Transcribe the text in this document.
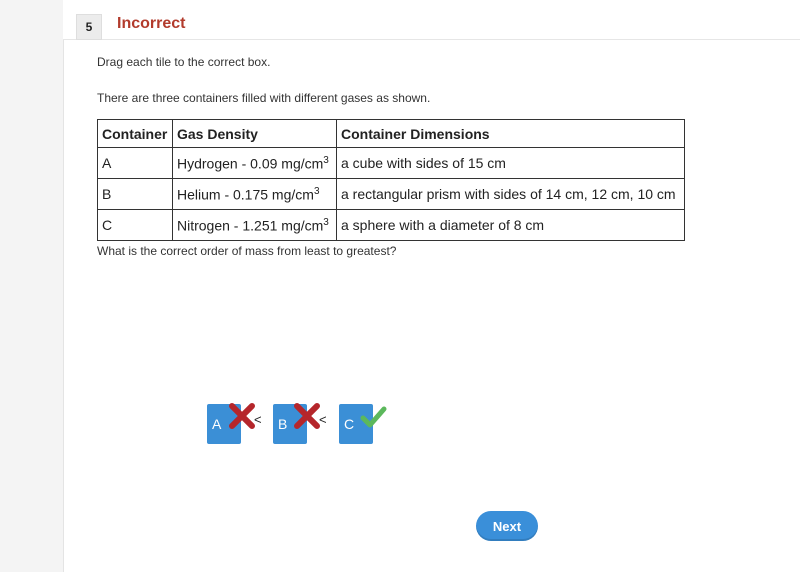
5	Incorrect
Drag each tile to the correct box.
There are three containers filled with different gases as shown.
Container	Gas Density	Container Dimensions
A	Hydrogen - 0.09 $mg/cm^3$	a cube with sides of 15 cm
B	Helium - 0.175 $mg/cm^3$	a rectangular prism with sides of 14 cm, 12 cm, 10 cm
C	Nitrogen - 1.251 $mg/cm^3$	a sphere with a diameter of 8 cm
What is the correct order of mass from least to greatest?
A	B	C
<	<
Next
